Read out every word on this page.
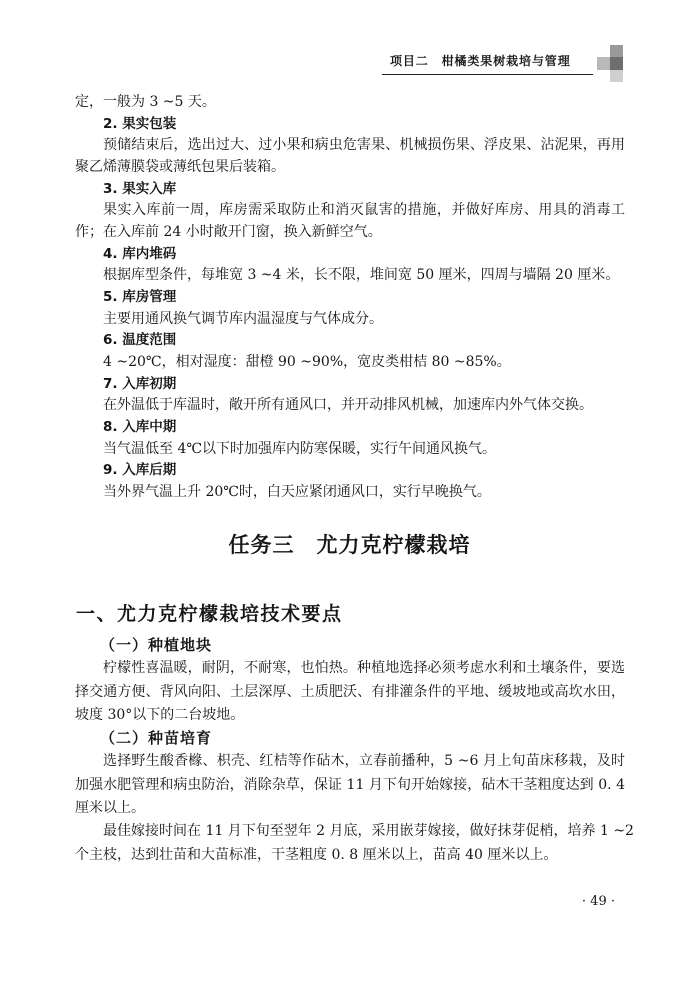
项目二　柑橘类果树栽培与管理
定，一般为 3 ~5 天。
2. 果实包装
预储结束后，选出过大、过小果和病虫危害果、机械损伤果、浮皮果、沾泥果，再用
聚乙烯薄膜袋或薄纸包果后装箱。
3. 果实入库
果实入库前一周，库房需采取防止和消灭鼠害的措施，并做好库房、用具的消毒工
作；在入库前 24 小时敞开门窗，换入新鲜空气。
4. 库内堆码
根据库型条件，每堆宽 3 ~4 米，长不限，堆间宽 50 厘米，四周与墙隔 20 厘米。
5. 库房管理
主要用通风换气调节库内温湿度与气体成分。
6. 温度范围
4 ~20℃，相对湿度：甜橙 90 ~90%，宽皮类柑桔 80 ~85%。
7. 入库初期
在外温低于库温时，敞开所有通风口，并开动排风机械，加速库内外气体交换。
8. 入库中期
当气温低至 4℃以下时加强库内防寒保暖，实行午间通风换气。
9. 入库后期
当外界气温上升 20℃时，白天应紧闭通风口，实行早晚换气。
任务三　尤力克柠檬栽培
一、尤力克柠檬栽培技术要点
（一）种植地块
柠檬性喜温暖，耐阴，不耐寒，也怕热。种植地选择必须考虑水利和土壤条件，要选
择交通方便、背风向阳、土层深厚、土质肥沃、有排灌条件的平地、缓坡地或高坎水田，
坡度 30°以下的二台坡地。
（二）种苗培育
选择野生酸香橼、枳壳、红桔等作砧木，立春前播种，5 ~6 月上旬苗床移栽，及时
加强水肥管理和病虫防治，消除杂草，保证 11 月下旬开始嫁接，砧木干茎粗度达到 0. 4
厘米以上。
最佳嫁接时间在 11 月下旬至翌年 2 月底，采用嵌芽嫁接，做好抹芽促梢，培养 1 ~2
个主枝，达到壮苗和大苗标准，干茎粗度 0. 8 厘米以上，苗高 40 厘米以上。
· 49 ·
